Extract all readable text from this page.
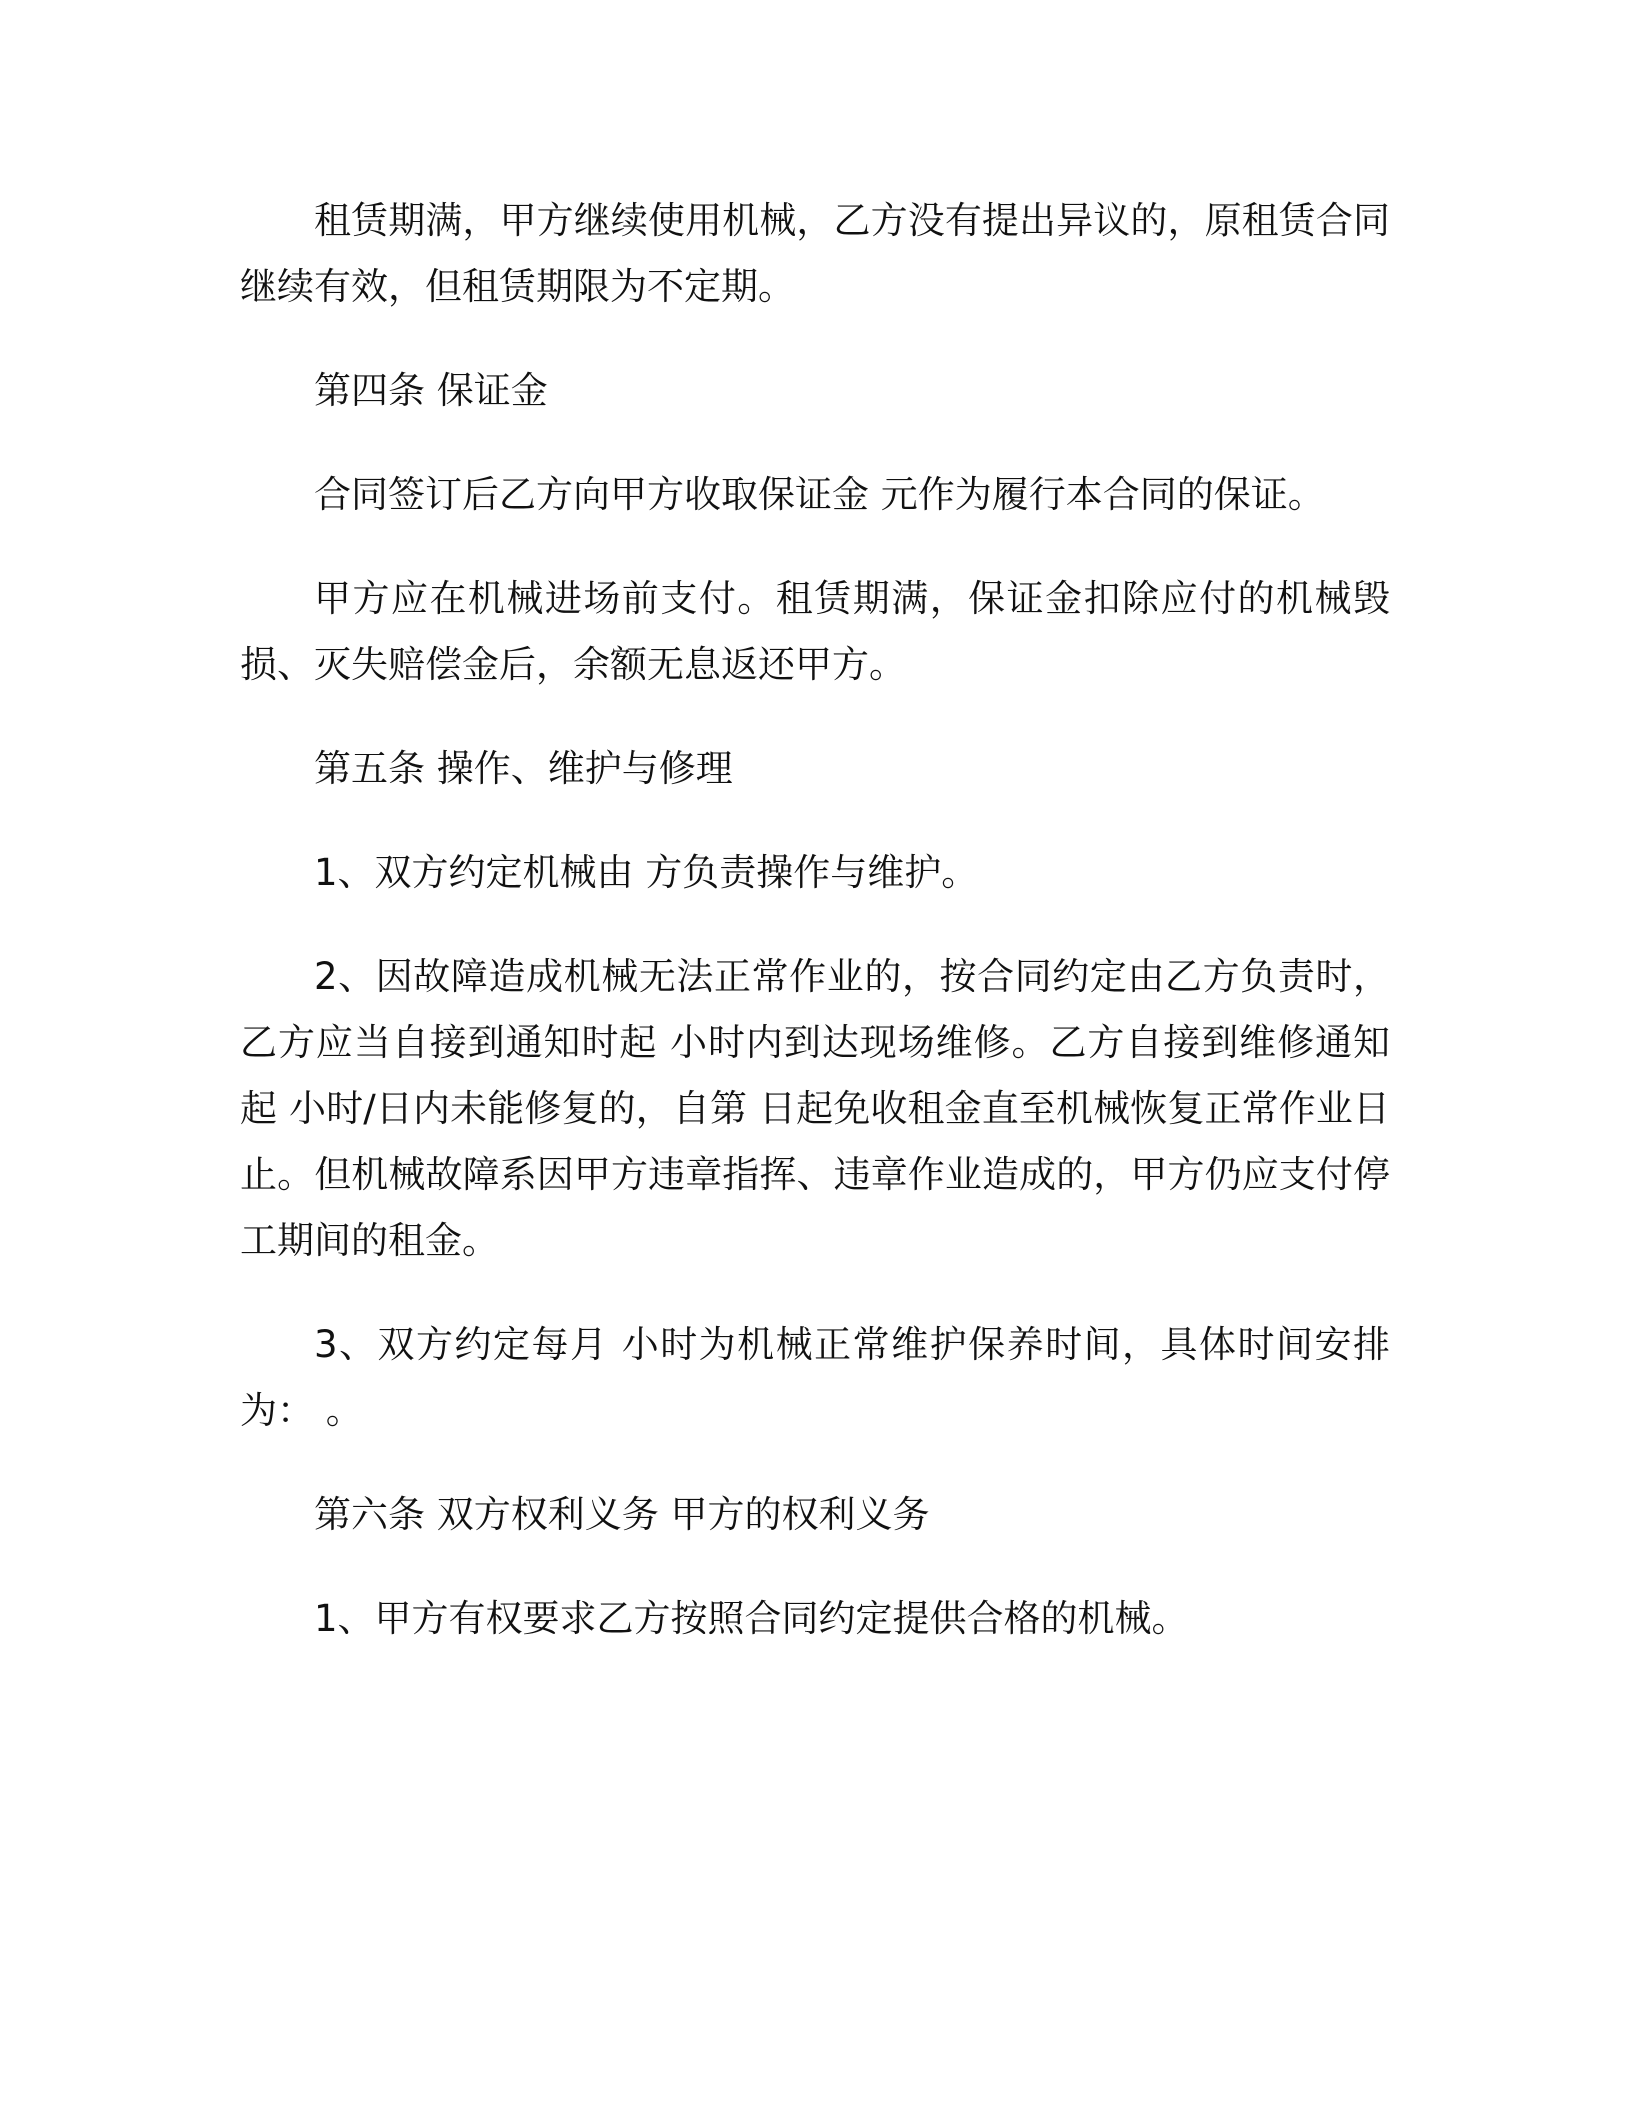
租赁期满，甲方继续使用机械，乙方没有提出异议的，原租赁合同继续有效，但租赁期限为不定期。

第四条 保证金

合同签订后乙方向甲方收取保证金 元作为履行本合同的保证。

甲方应在机械进场前支付。租赁期满，保证金扣除应付的机械毁损、灭失赔偿金后，余额无息返还甲方。

第五条 操作、维护与修理

1、双方约定机械由 方负责操作与维护。

2、因故障造成机械无法正常作业的，按合同约定由乙方负责时，乙方应当自接到通知时起 小时内到达现场维修。乙方自接到维修通知起 小时/日内未能修复的，自第 日起免收租金直至机械恢复正常作业日止。但机械故障系因甲方违章指挥、违章作业造成的，甲方仍应支付停工期间的租金。

3、双方约定每月 小时为机械正常维护保养时间，具体时间安排为： 。

第六条 双方权利义务 甲方的权利义务

1、甲方有权要求乙方按照合同约定提供合格的机械。
